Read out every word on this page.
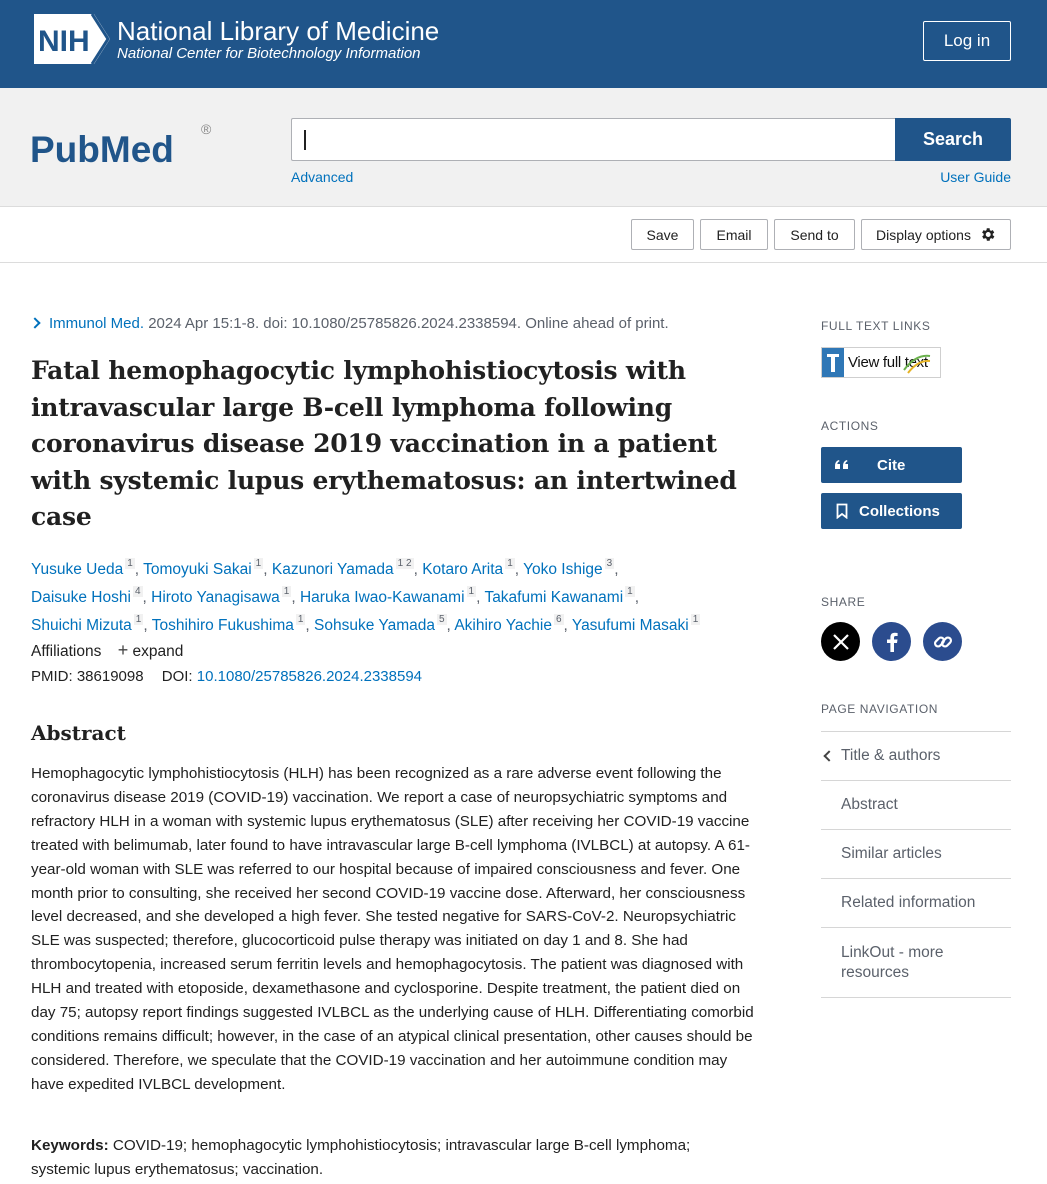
NIH National Library of Medicine
National Center for Biotechnology Information
Log in
PubMed ®	Search
Advanced	User Guide
Save	Email	Send to	Display options
Immunol Med. 2024 Apr 15:1-8. doi: 10.1080/25785826.2024.2338594. Online ahead of print.
Fatal hemophagocytic lymphohistiocytosis with intravascular large B-cell lymphoma following coronavirus disease 2019 vaccination in a patient with systemic lupus erythematosus: an intertwined case
Yusuke Ueda $^1$ , Tomoyuki Sakai $^1$ , Kazunori Yamada $^{1 2}$ , Kotaro Arita $^1$ , Yoko Ishige $^3$ ,
Daisuke Hoshi $^4$ , Hiroto Yanagisawa $^1$ , Haruka Iwao-Kawanami $^1$ , Takafumi Kawanami $^1$ ,
Shuichi Mizuta $^1$ , Toshihiro Fukushima $^1$ , Sohsuke Yamada $^5$ , Akihiro Yachie $^6$ , Yasufumi Masaki $^1$
Affiliations + expand
PMID: 38619098 DOI: 10.1080/25785826.2024.2338594
Abstract

Hemophagocytic lymphohistiocytosis (HLH) has been recognized as a rare adverse event following the coronavirus disease 2019 (COVID-19) vaccination. We report a case of neuropsychiatric symptoms and refractory HLH in a woman with systemic lupus erythematosus (SLE) after receiving her COVID-19 vaccine treated with belimumab, later found to have intravascular large B-cell lymphoma (IVLBCL) at autopsy. A 61-year-old woman with SLE was referred to our hospital because of impaired consciousness and fever. One month prior to consulting, she received her second COVID-19 vaccine dose. Afterward, her consciousness level decreased, and she developed a high fever. She tested negative for SARS-CoV-2. Neuropsychiatric SLE was suspected; therefore, glucocorticoid pulse therapy was initiated on day 1 and 8. She had thrombocytopenia, increased serum ferritin levels and hemophagocytosis. The patient was diagnosed with HLH and treated with etoposide, dexamethasone and cyclosporine. Despite treatment, the patient died on day 75; autopsy report findings suggested IVLBCL as the underlying cause of HLH. Differentiating comorbid conditions remains difficult; however, in the case of an atypical clinical presentation, other causes should be considered. Therefore, we speculate that the COVID-19 vaccination and her autoimmune condition may have expedited IVLBCL development.

Keywords: COVID-19; hemophagocytic lymphohistiocytosis; intravascular large B-cell lymphoma; systemic lupus erythematosus; vaccination.

FULL TEXT LINKS
View full text
ACTIONS
Cite
Collections
SHARE
PAGE NAVIGATION
Title & authors
Abstract
Similar articles
Related information
LinkOut - more resources
